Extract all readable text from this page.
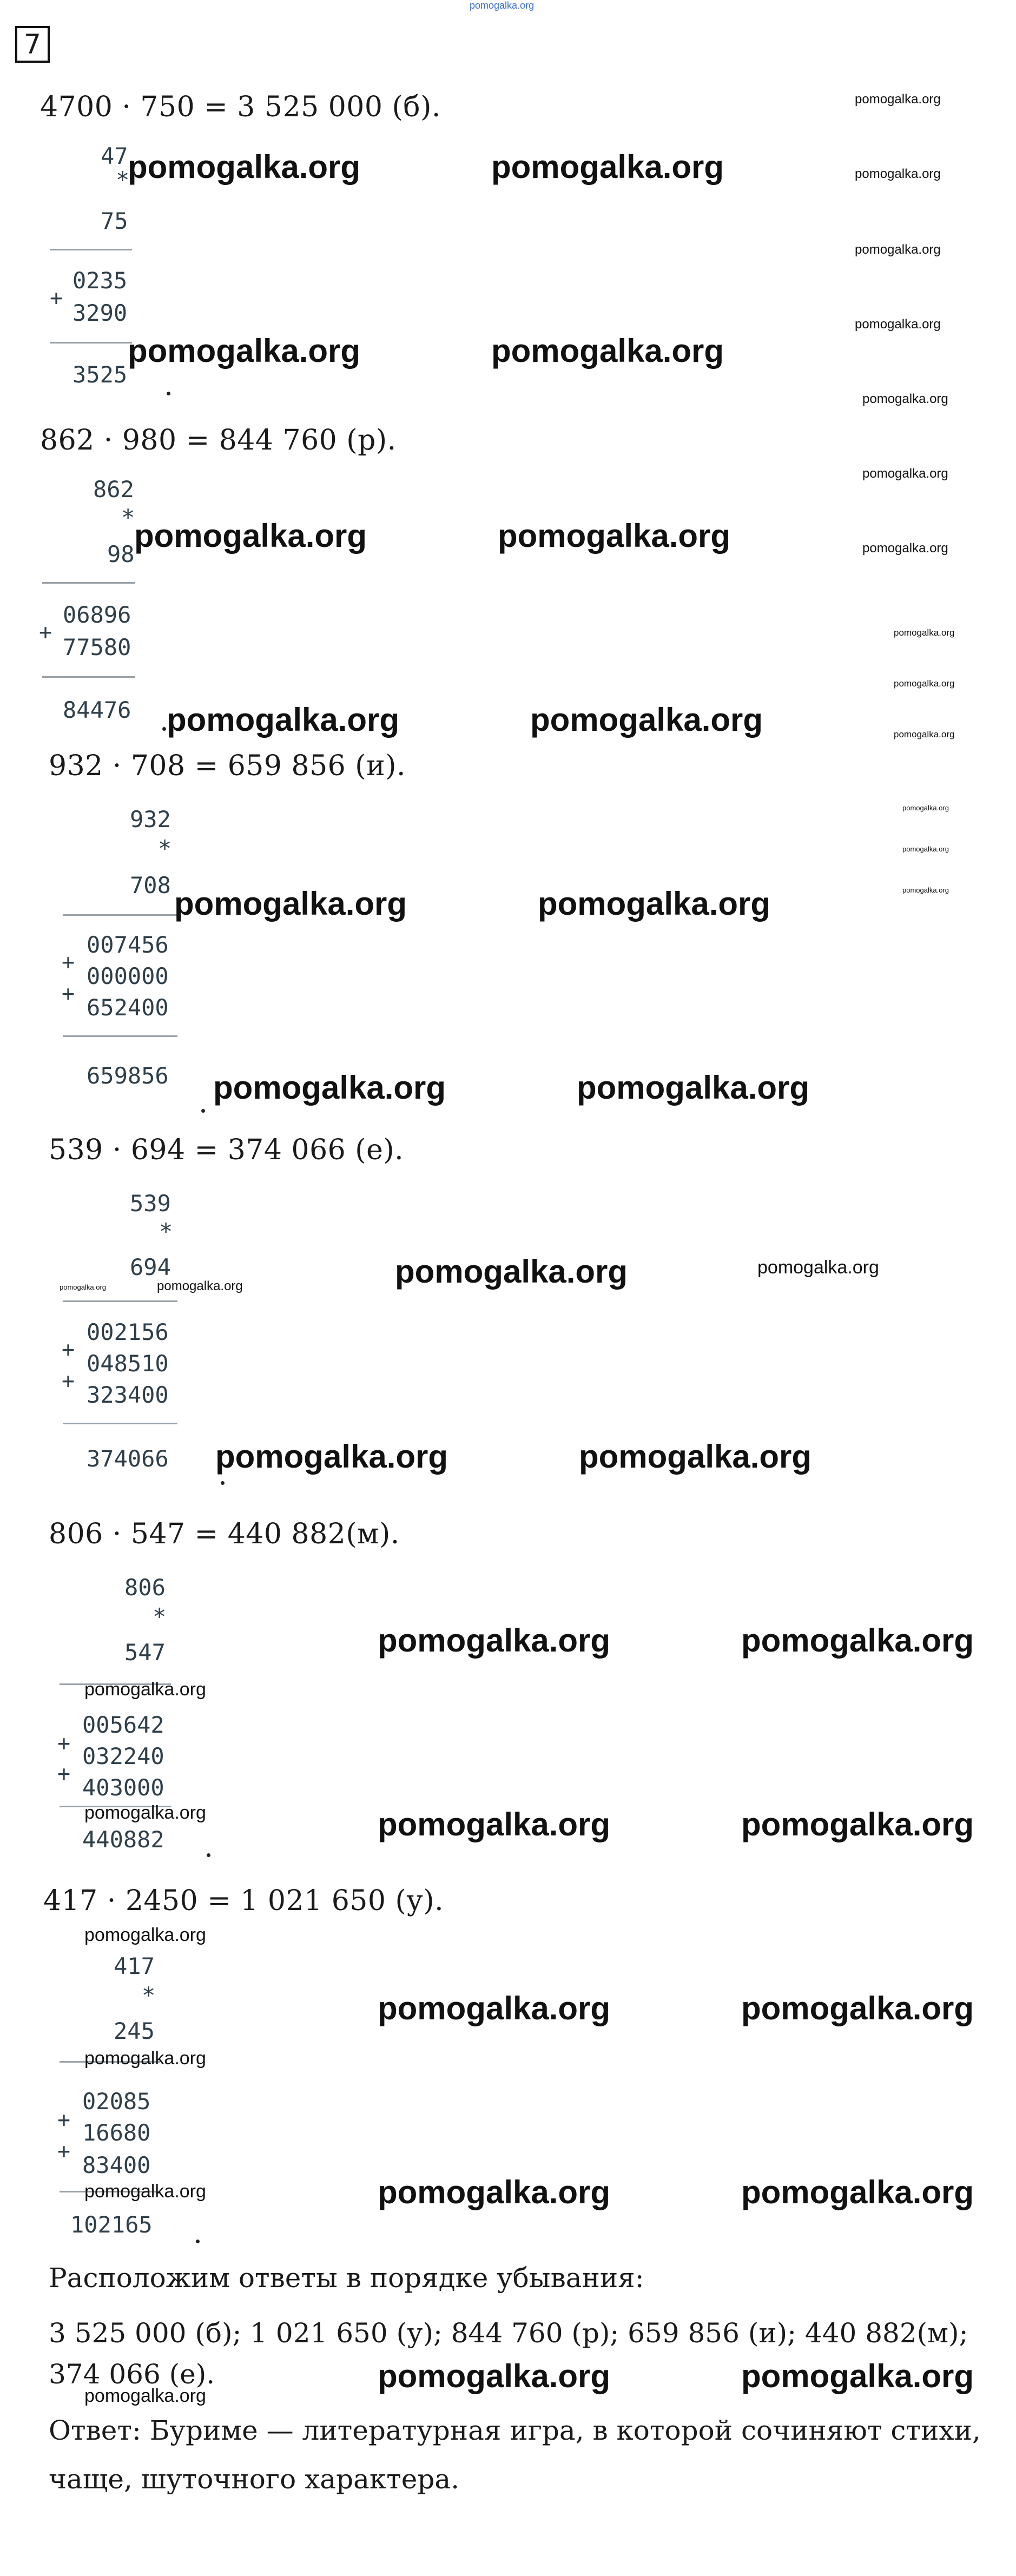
pomogalka.org
7
4700 · 750 = 3 525 000 (б).
47
*
75
+
0235
3290
3525
862 · 980 = 844 760 (р).
862
*
98
+
06896
77580
84476
932 · 708 = 659 856 (и).
932
*
708
007456
+
000000
+
652400
659856
539 · 694 = 374 066 (е).
539
*
694
002156
+
048510
+
323400
374066
806 · 547 = 440 882(м).
806
*
547
005642
+ 032240
+
403000
440882
417 · 2450 = 1 021 650 (у).
417
*
245
02085
+ 16680
+
83400
102165
Расположим ответы в порядке убывания:
3 525 000 (б); 1 021 650 (у); 844 760 (р); 659 856 (и); 440 882(м);
374 066 (е).
Ответ: Буриме — литературная игра, в которой сочиняют стихи,
чаще, шуточного характера.
pomogalka.org	pomogalka.org
pomogalka.org	pomogalka.org
pomogalka.org	pomogalka.org
pomogalka.org	pomogalka.org
pomogalka.org	pomogalka.org
pomogalka.org	pomogalka.org
pomogalka.org
pomogalka.org	pomogalka.org
pomogalka.org	pomogalka.org
pomogalka.org	pomogalka.org
pomogalka.org	pomogalka.org
pomogalka.org	pomogalka.org
pomogalka.org	pomogalka.org
pomogalka.org
pomogalka.org
pomogalka.org
pomogalka.org
pomogalka.org
pomogalka.org
pomogalka.org
pomogalka.org
pomogalka.org
pomogalka.org
pomogalka.org
pomogalka.org
pomogalka.org
pomogalka.org
pomogalka.org
pomogalka.org
pomogalka.org
pomogalka.org
pomogalka.org
pomogalka.org
pomogalka.org
pomogalka.org
